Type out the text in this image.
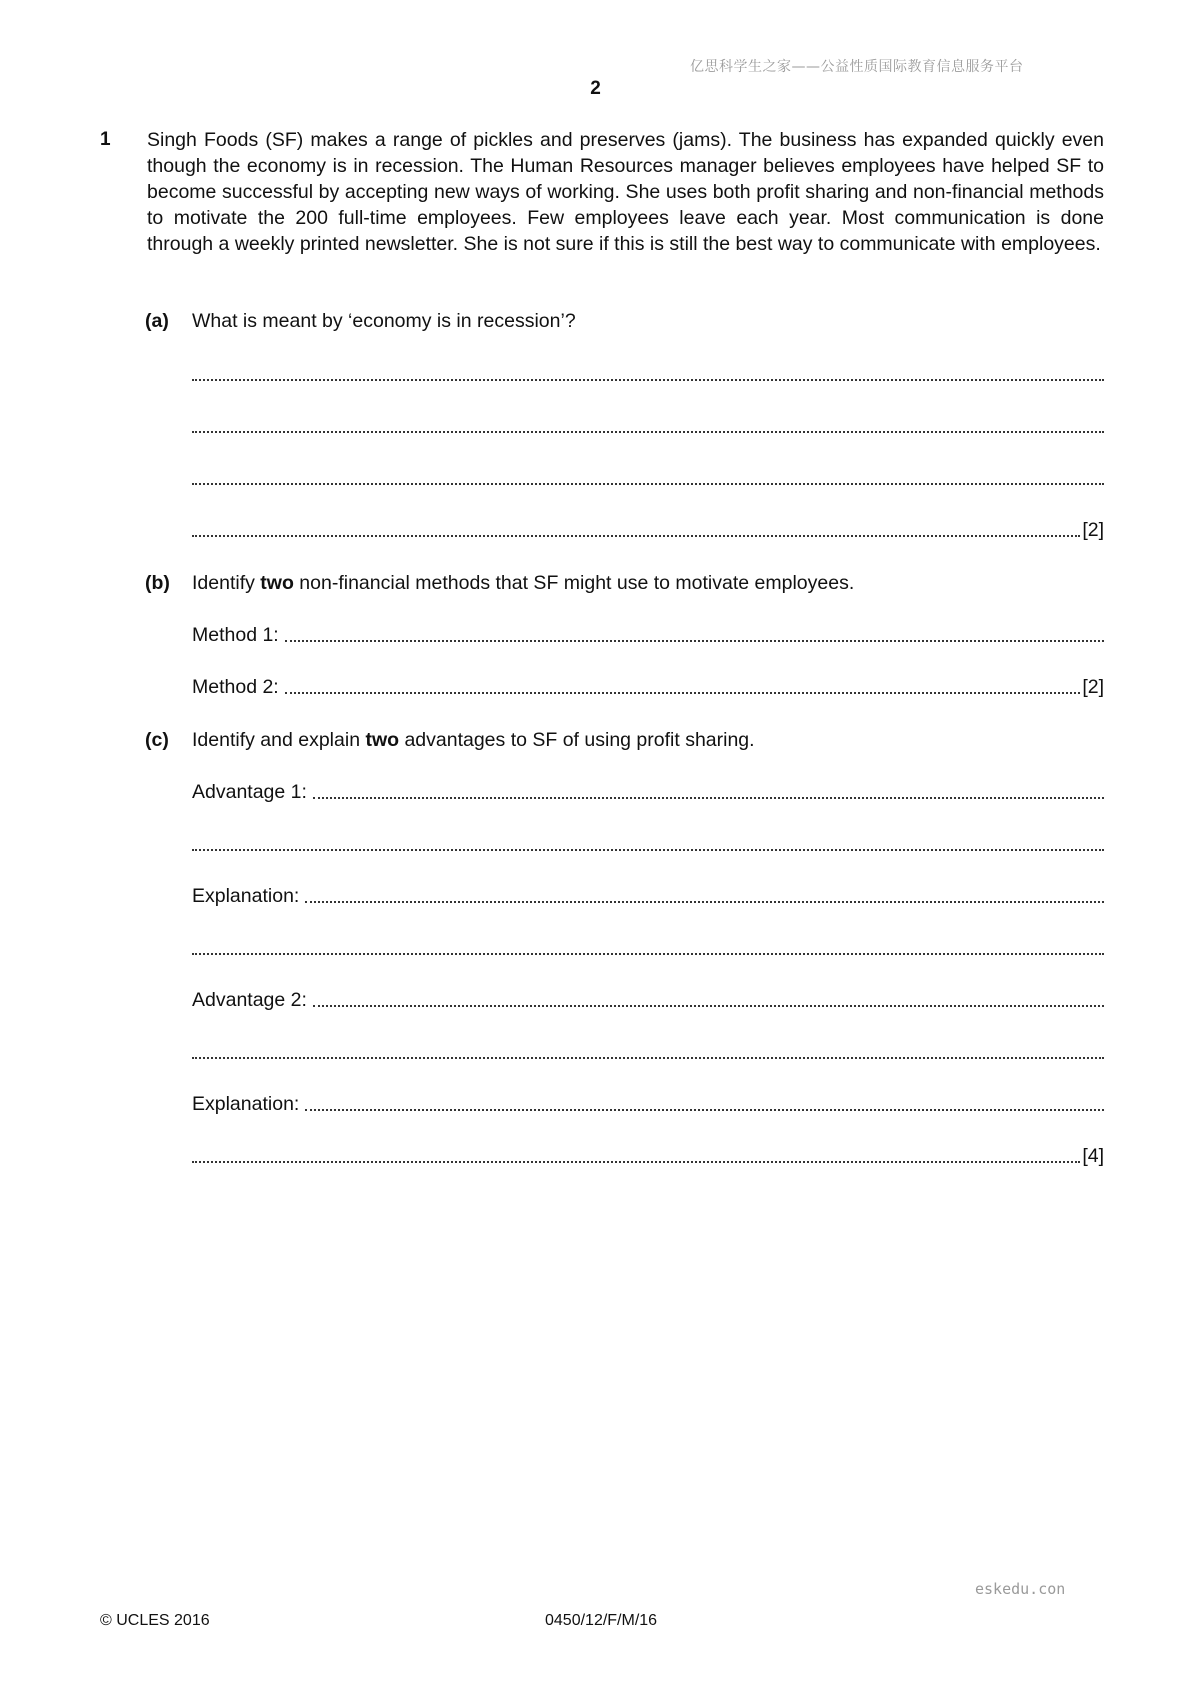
亿思科学生之家——公益性质国际教育信息服务平台
2
1 Singh Foods (SF) makes a range of pickles and preserves (jams). The business has expanded quickly even though the economy is in recession. The Human Resources manager believes employees have helped SF to become successful by accepting new ways of working. She uses both profit sharing and non-financial methods to motivate the 200 full-time employees. Few employees leave each year. Most communication is done through a weekly printed newsletter. She is not sure if this is still the best way to communicate with employees.
(a) What is meant by ‘economy is in recession’?
[2]
(b) Identify two non-financial methods that SF might use to motivate employees.
Method 1:
Method 2:	[2]
(c) Identify and explain two advantages to SF of using profit sharing.
Advantage 1:
Explanation:
Advantage 2:
Explanation:
[4]
eskedu.con
© UCLES 2016	0450/12/F/M/16
